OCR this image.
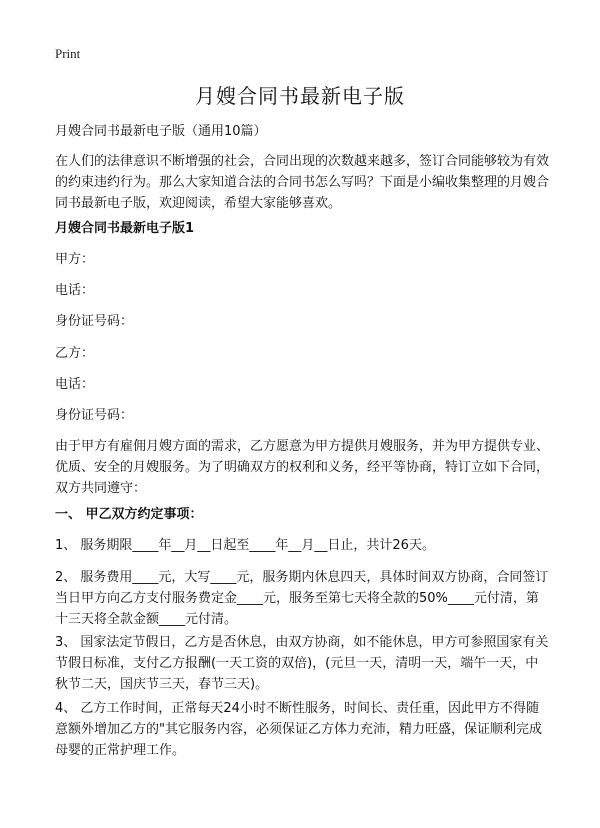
Print
月嫂合同书最新电子版
月嫂合同书最新电子版（通用10篇）
在人们的法律意识不断增强的社会，合同出现的次数越来越多，签订合同能够较为有效的约束违约行为。那么大家知道合法的合同书怎么写吗？下面是小编收集整理的月嫂合同书最新电子版，欢迎阅读，希望大家能够喜欢。
月嫂合同书最新电子版1
甲方：
电话：
身份证号码：
乙方：
电话：
身份证号码：
由于甲方有雇佣月嫂方面的需求，乙方愿意为甲方提供月嫂服务，并为甲方提供专业、优质、安全的月嫂服务。为了明确双方的权利和义务，经平等协商，特订立如下合同，双方共同遵守：
一、 甲乙双方约定事项：
1、 服务期限____年__月__日起至____年__月__日止，共计26天。
2、 服务费用____元，大写____元，服务期内休息四天，具体时间双方协商，合同签订当日甲方向乙方支付服务费定金____元，服务至第七天将全款的50%____元付清，第十三天将全款金额____元付清。
3、 国家法定节假日，乙方是否休息，由双方协商，如不能休息，甲方可参照国家有关节假日标准，支付乙方报酬(一天工资的双倍)，(元旦一天，清明一天，端午一天，中秋节二天，国庆节三天，春节三天)。
4、 乙方工作时间，正常每天24小时不断性服务，时间长、责任重，因此甲方不得随意额外增加乙方的"其它服务内容，必须保证乙方体力充沛，精力旺盛，保证顺利完成母婴的正常护理工作。
